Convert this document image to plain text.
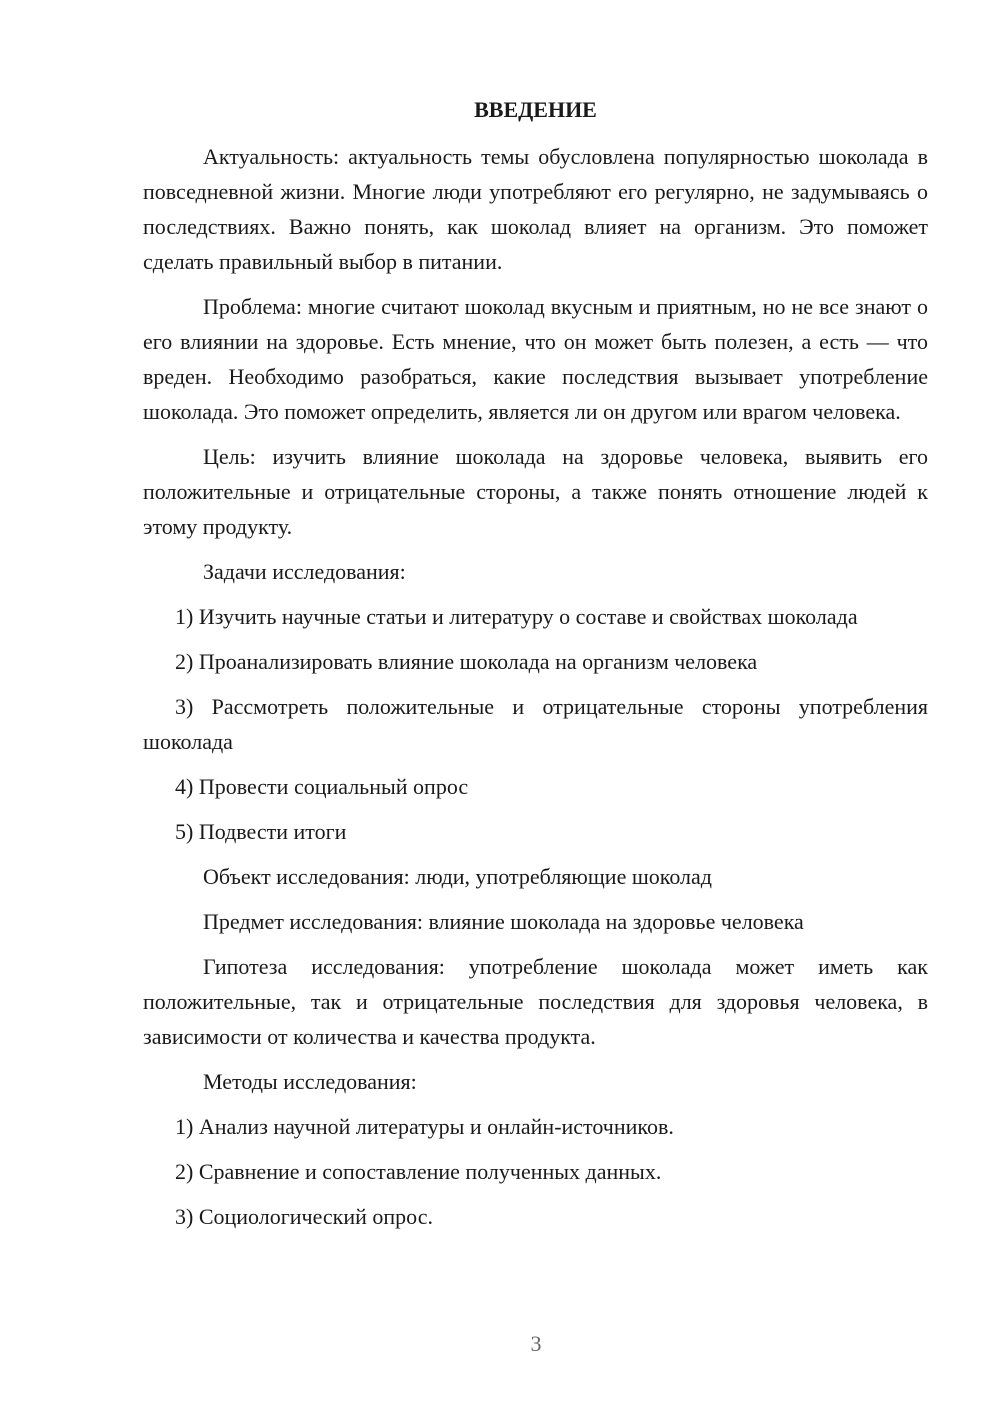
ВВЕДЕНИЕ

Актуальность: актуальность темы обусловлена популярностью шоколада в повседневной жизни. Многие люди употребляют его регулярно, не задумываясь о последствиях. Важно понять, как шоколад влияет на организм. Это поможет сделать правильный выбор в питании.

Проблема: многие считают шоколад вкусным и приятным, но не все знают о его влиянии на здоровье. Есть мнение, что он может быть полезен, а есть — что вреден. Необходимо разобраться, какие последствия вызывает употребление шоколада. Это поможет определить, является ли он другом или врагом человека.

Цель: изучить влияние шоколада на здоровье человека, выявить его положительные и отрицательные стороны, а также понять отношение людей к этому продукту.

Задачи исследования:

1) Изучить научные статьи и литературу о составе и свойствах шоколада

2) Проанализировать влияние шоколада на организм человека

3) Рассмотреть положительные и отрицательные стороны употребления шоколада

4) Провести социальный опрос

5) Подвести итоги

Объект исследования: люди, употребляющие шоколад

Предмет исследования: влияние шоколада на здоровье человека

Гипотеза исследования: употребление шоколада может иметь как положительные, так и отрицательные последствия для здоровья человека, в зависимости от количества и качества продукта.

Методы исследования:

1) Анализ научной литературы и онлайн-источников.

2) Сравнение и сопоставление полученных данных.

3) Социологический опрос.

3
